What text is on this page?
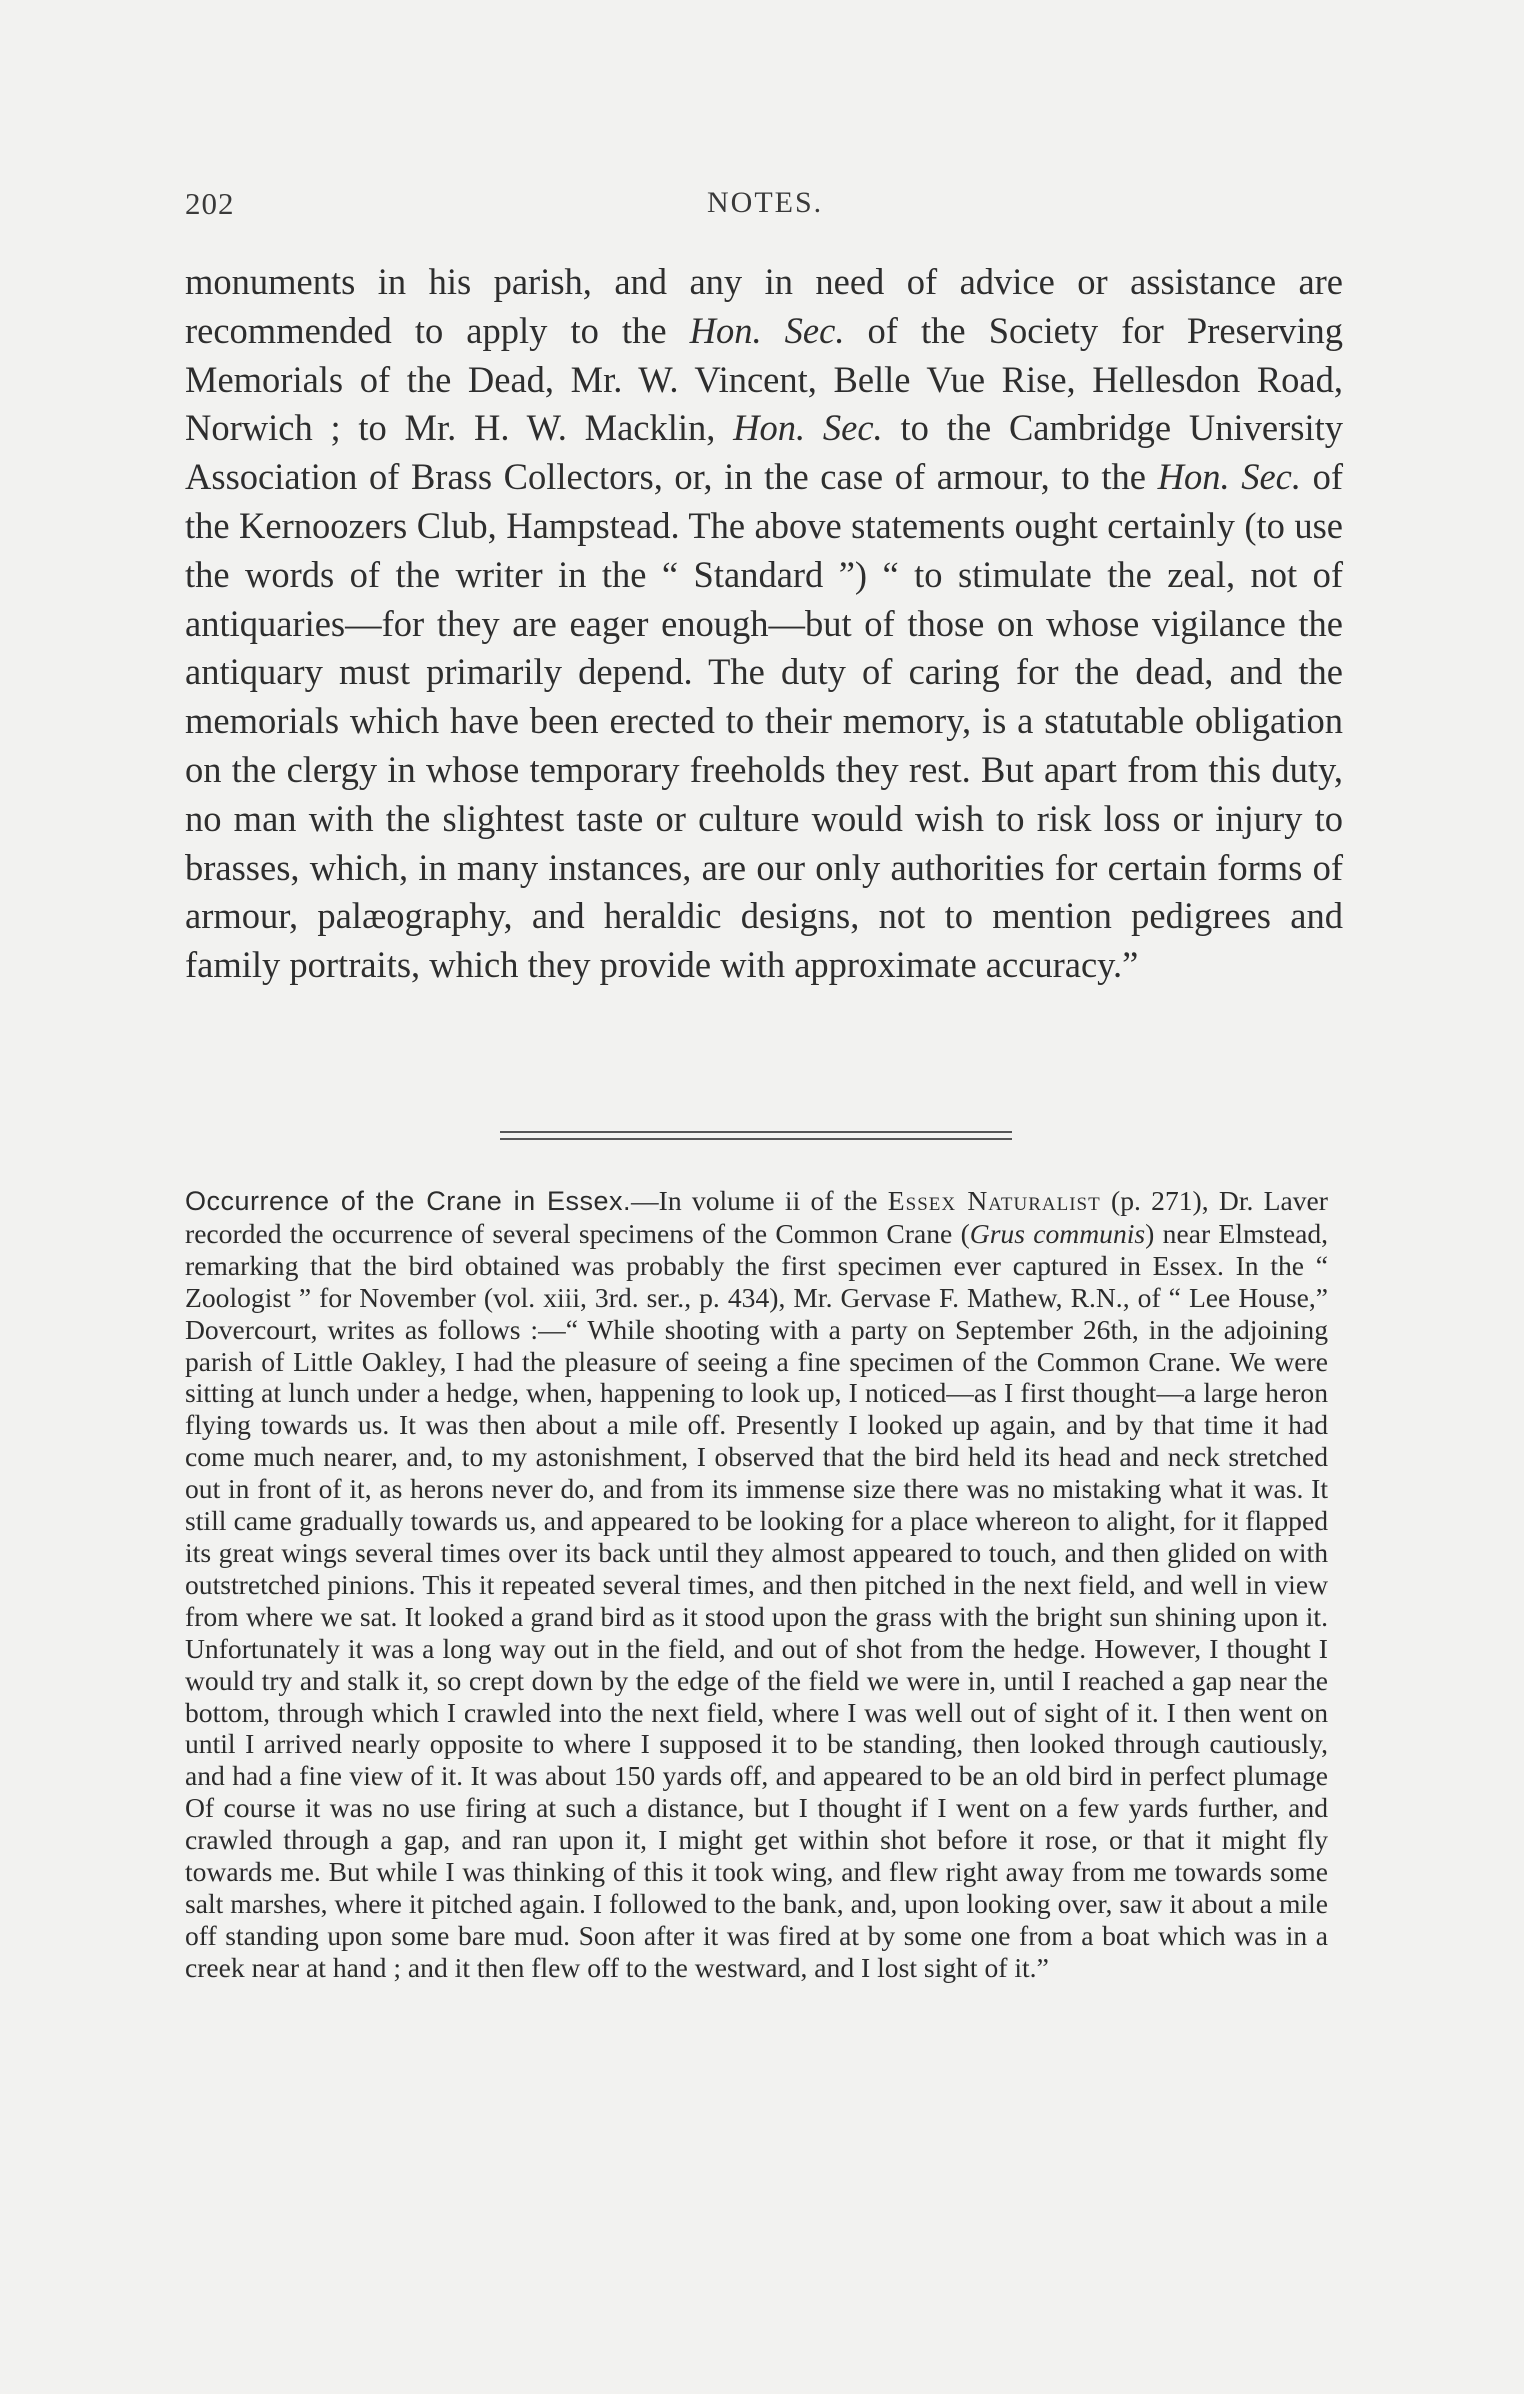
202	NOTES.

monuments in his parish, and any in need of advice or assistance are recommended to apply to the Hon. Sec. of the Society for Preserving Memorials of the Dead, Mr. W. Vincent, Belle Vue Rise, Hellesdon Road, Norwich ; to Mr. H. W. Macklin, Hon. Sec. to the Cambridge University Association of Brass Collectors, or, in the case of armour, to the Hon. Sec. of the Kernoozers Club, Hampstead. The above statements ought certainly (to use the words of the writer in the “ Standard ”) “ to stimulate the zeal, not of antiquaries—for they are eager enough—but of those on whose vigilance the antiquary must primarily depend. The duty of caring for the dead, and the memorials which have been erected to their memory, is a statutable obligation on the clergy in whose temporary freeholds they rest. But apart from this duty, no man with the slightest taste or culture would wish to risk loss or injury to brasses, which, in many instances, are our only authorities for certain forms of armour, palæography, and heraldic designs, not to mention pedigrees and family portraits, which they provide with approximate accuracy.”

Occurrence of the Crane in Essex.—In volume ii of the Essex Naturalist (p. 271), Dr. Laver recorded the occurrence of several specimens of the Common Crane (Grus communis) near Elmstead, remarking that the bird obtained was probably the first specimen ever captured in Essex. In the “ Zoologist ” for November (vol. xiii, 3rd. ser., p. 434), Mr. Gervase F. Mathew, R.N., of “ Lee House,” Dovercourt, writes as follows :—“ While shooting with a party on September 26th, in the adjoining parish of Little Oakley, I had the pleasure of seeing a fine specimen of the Common Crane. We were sitting at lunch under a hedge, when, happening to look up, I noticed—as I first thought—a large heron flying towards us. It was then about a mile off. Presently I looked up again, and by that time it had come much nearer, and, to my astonishment, I observed that the bird held its head and neck stretched out in front of it, as herons never do, and from its immense size there was no mistaking what it was. It still came gradually towards us, and appeared to be looking for a place whereon to alight, for it flapped its great wings several times over its back until they almost appeared to touch, and then glided on with outstretched pinions. This it repeated several times, and then pitched in the next field, and well in view from where we sat. It looked a grand bird as it stood upon the grass with the bright sun shining upon it. Unfortunately it was a long way out in the field, and out of shot from the hedge. However, I thought I would try and stalk it, so crept down by the edge of the field we were in, until I reached a gap near the bottom, through which I crawled into the next field, where I was well out of sight of it. I then went on until I arrived nearly opposite to where I supposed it to be standing, then looked through cautiously, and had a fine view of it. It was about 150 yards off, and appeared to be an old bird in perfect plumage Of course it was no use firing at such a distance, but I thought if I went on a few yards further, and crawled through a gap, and ran upon it, I might get within shot before it rose, or that it might fly towards me. But while I was thinking of this it took wing, and flew right away from me towards some salt marshes, where it pitched again. I followed to the bank, and, upon looking over, saw it about a mile off standing upon some bare mud. Soon after it was fired at by some one from a boat which was in a creek near at hand ; and it then flew off to the westward, and I lost sight of it.”
